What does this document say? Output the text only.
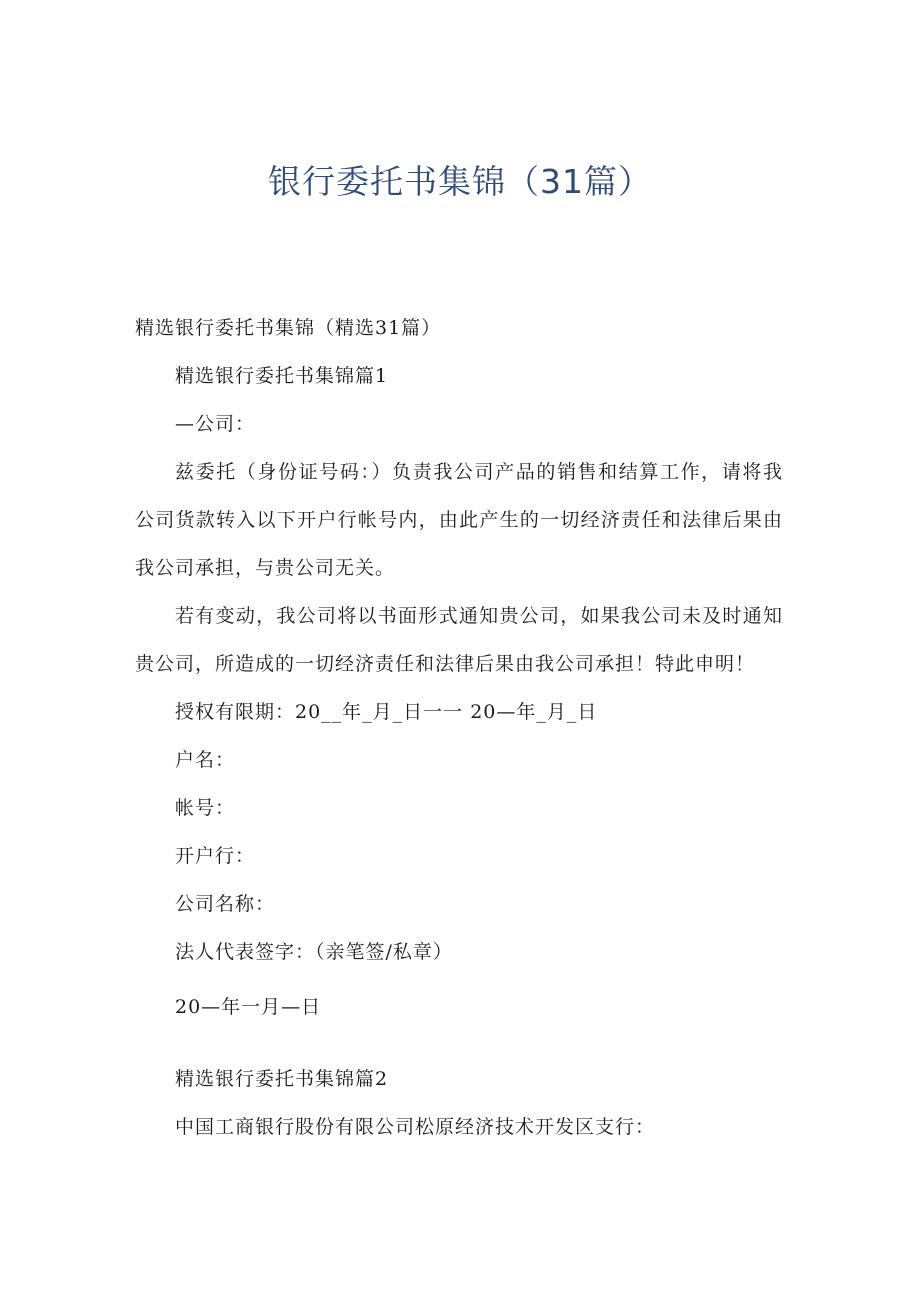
银行委托书集锦（31篇）
精选银行委托书集锦（精选31篇）
精选银行委托书集锦篇1
—公司：
兹委托（身份证号码：）负责我公司产品的销售和结算工作，请将我
公司货款转入以下开户行帐号内，由此产生的一切经济责任和法律后果由
我公司承担，与贵公司无关。
若有变动，我公司将以书面形式通知贵公司，如果我公司未及时通知
贵公司，所造成的一切经济责任和法律后果由我公司承担！特此申明！
授权有限期：20__年_月_日一一 20—年_月_日
户名：
帐号：
开户行：
公司名称：
法人代表签字：（亲笔签/私章）
20—年一月—日
精选银行委托书集锦篇2
中国工商银行股份有限公司松原经济技术开发区支行：
